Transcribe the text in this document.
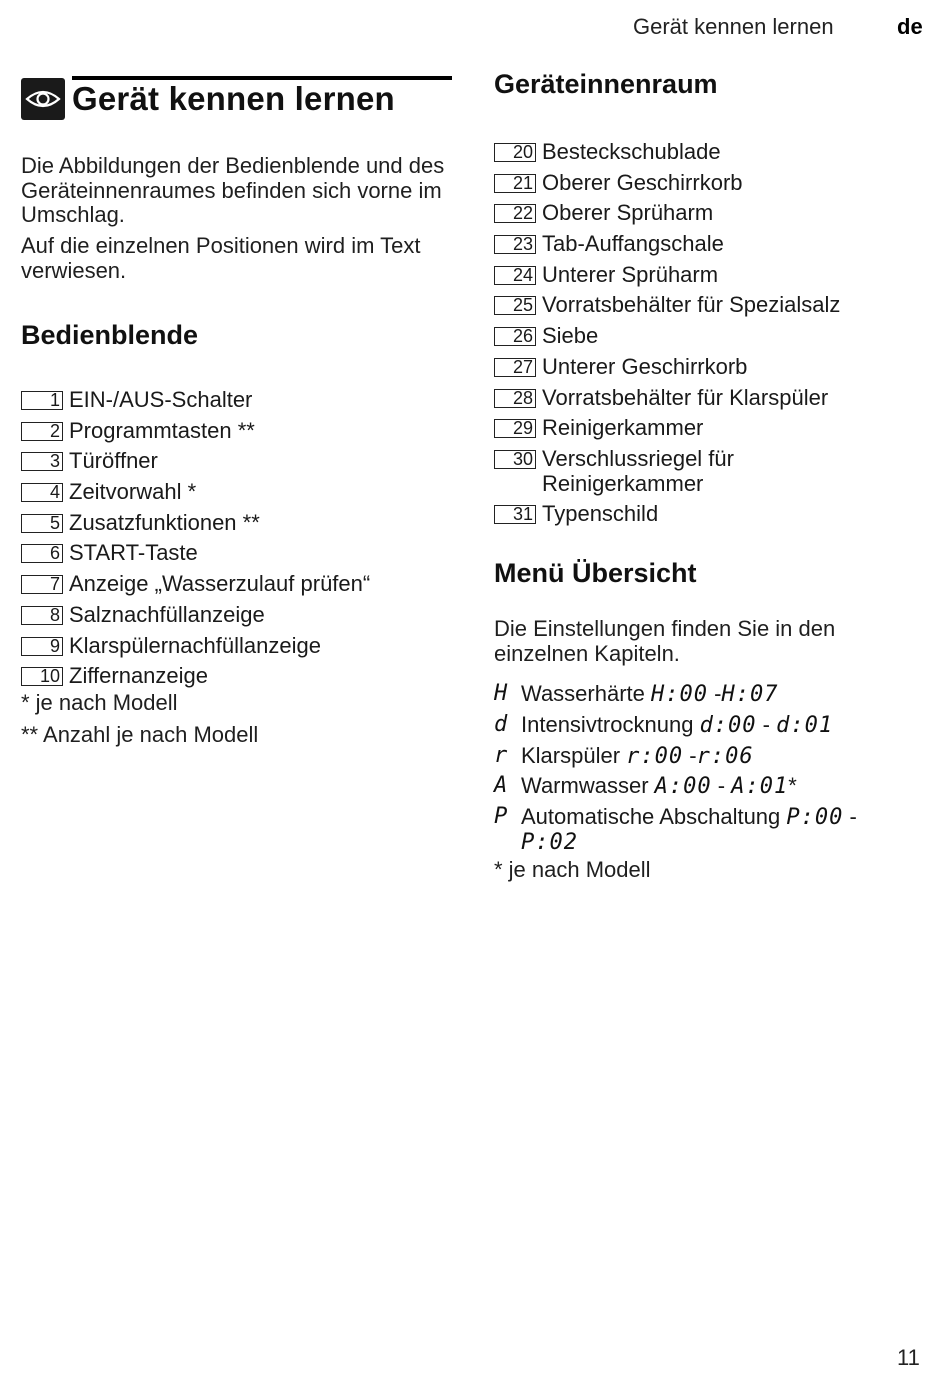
Gerät kennen lernen	de
Gerät kennen lernen
Die Abbildungen der Bedienblende und des Geräteinnenraumes befinden sich vorne im Umschlag.
Auf die einzelnen Positionen wird im Text verwiesen.
Bedienblende
1 EIN-/AUS-Schalter
2 Programmtasten **
3 Türöffner
4 Zeitvorwahl *
5 Zusatzfunktionen **
6 START-Taste
7 Anzeige „Wasserzulauf prüfen“
8 Salznachfüllanzeige
9 Klarspülernachfüllanzeige
10 Ziffernanzeige
* je nach Modell
** Anzahl je nach Modell
Geräteinnenraum
20 Besteckschublade
21 Oberer Geschirrkorb
22 Oberer Sprüharm
23 Tab-Auffangschale
24 Unterer Sprüharm
25 Vorratsbehälter für Spezialsalz
26 Siebe
27 Unterer Geschirrkorb
28 Vorratsbehälter für Klarspüler
29 Reinigerkammer
30 Verschlussriegel für
Reinigerkammer
31 Typenschild
Menü Übersicht
Die Einstellungen finden Sie in den einzelnen Kapiteln.
H Wasserhärte H:00 -H:07
d Intensivtrocknung d:00 - d:01
r Klarspüler r:00 -r:06
A Warmwasser A:00 - A:01*
P Automatische Abschaltung P:00 - P:02
* je nach Modell
11
